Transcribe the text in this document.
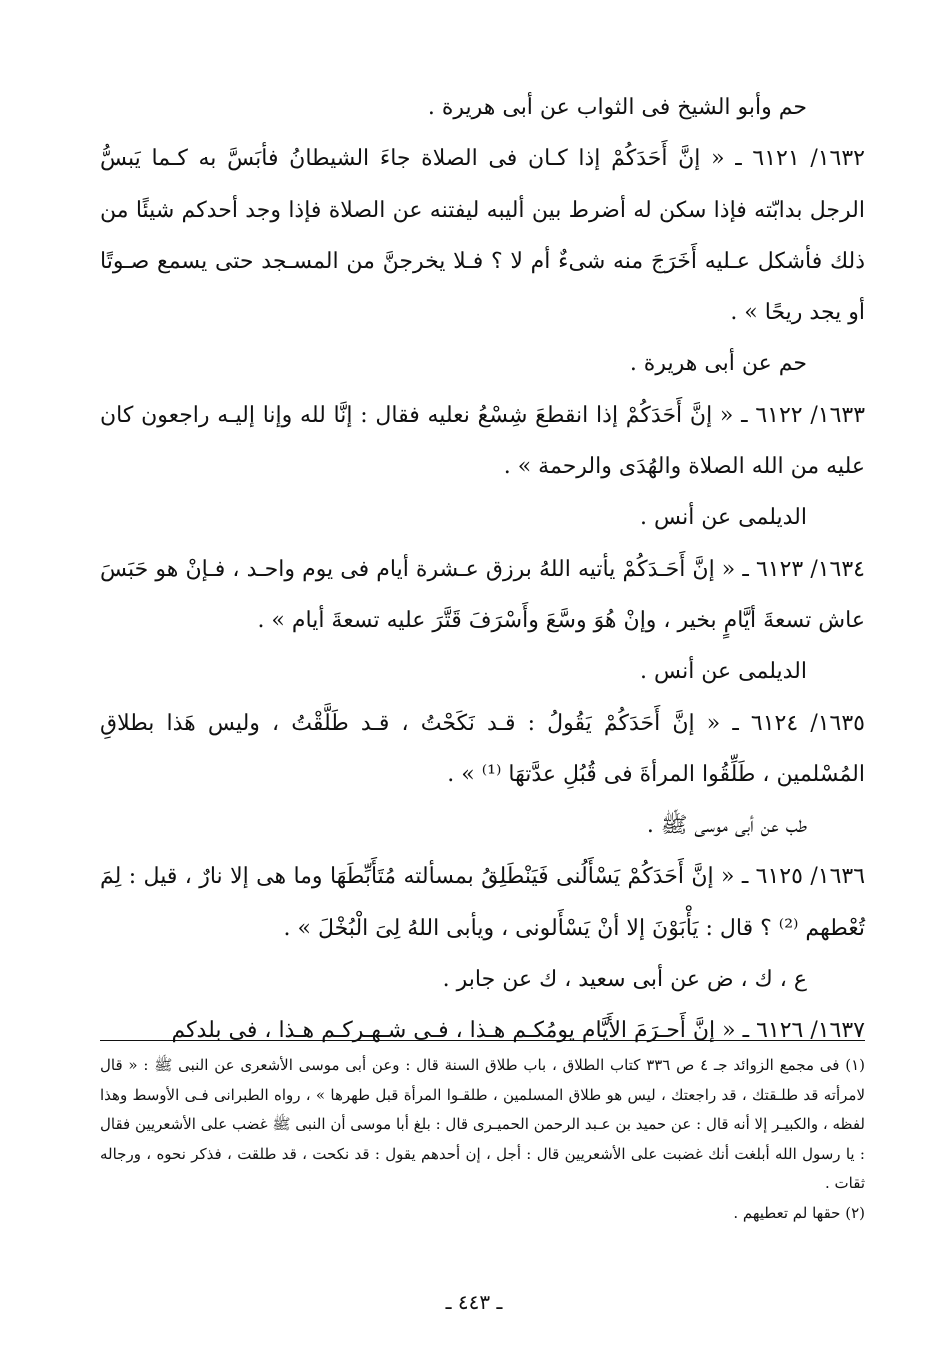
حم وأبو الشيخ فى الثواب عن أبى هريرة .

١٦٣٢/ ٦١٢١ ـ « إنَّ أَحَدَكُمْ إذا كـان فى الصلاة جاءَ الشيطانُ فأبَسَّ به كـما يَبسُّ الرجل بدابّته فإذا سكن له أضرط بين أليبه ليفتنه عن الصلاة فإذا وجد أحدكم شيئًا من ذلك فأشكل عـليه أَخَرَجَ منه شىءٌ أم لا ؟ فـلا يخرجنَّ من المسـجد حتى يسمع صـوتًا أو يجد ريحًا » .

حم عن أبى هريرة .

١٦٣٣/ ٦١٢٢ ـ « إنَّ أَحَدَكُمْ إذا انقطعَ شِسْعُ نعليه فقال : إنَّا لله وإنا إليـه راجعون كان عليه من الله الصلاة والهُدَى والرحمة » .

الديلمى عن أنس .

١٦٣٤/ ٦١٢٣ ـ « إنَّ أَحَـدَكُمْ يأتيه اللهُ برزق عـشرة أيام فى يوم واحـد ، فـإنْ هو حَبَسَ عاش تسعةَ أيَّامٍ بخير ، وإنْ هُوَ وسَّعَ وأَسْرَفَ قَتَّرَ عليه تسعةَ أيام » .

الديلمى عن أنس .

١٦٣٥/ ٦١٢٤ ـ « إنَّ أَحَدَكُمْ يَقُولُ : قـد نَكَحْتُ ، قـد طَلَّقْتُ ، وليس هَذا بطلاقِ المُسْلمين ، طَلِّقُوا المرأةَ فى قُبُلِ عدَّتهَا ⁽¹⁾ » .

طب عن أبى موسى ﷺ .

١٦٣٦/ ٦١٢٥ ـ « إنَّ أَحَدَكُمْ يَسْأَلُنى فَيَنْطَلِقُ بمسألته مُتَأَبِّطَهَا وما هى إلا نارٌ ، قيل : لِمَ تُعْطهم ⁽²⁾ ؟ قال : يَأْبَوْنَ إلا أنْ يَسْأَلونى ، ويأبى اللهُ لِىَ الْبُخْلَ » .

ع ، ك ، ض عن أبى سعيد ، ك عن جابر .

١٦٣٧/ ٦١٢٦ ـ « إنَّ أَحـرَمَ الأَيَّام يومُكـم هـذا ، فـى شـهـركـم هـذا ، فى بلدكم

(١) فى مجمع الزوائد جـ ٤ ص ٣٣٦ كتاب الطلاق ، باب طلاق السنة قال : وعن أبى موسى الأشعرى عن النبى ﷺ : « قال لامرأته قد طلـقتك ، قد راجعتك ، ليس هو طلاق المسلمين ، طلقـوا المرأة قبل طهرها » ، رواه الطبرانى فـى الأوسط وهذا لفظه ، والكبيـر إلا أنه قال : عن حميد بن عـبد الرحمن الحميـرى قال : بلغ أبا موسى أن النبى ﷺ غضب على الأشعريين فقال : يا رسول الله أبلغت أنك غضبت على الأشعريين قال : أجل ، إن أحدهم يقول : قد نكحت ، قد طلقت ، فذكر نحوه ، ورجاله ثقات .

(٢) حقها لم تعطيهم .

ـ ٤٤٣ ـ
